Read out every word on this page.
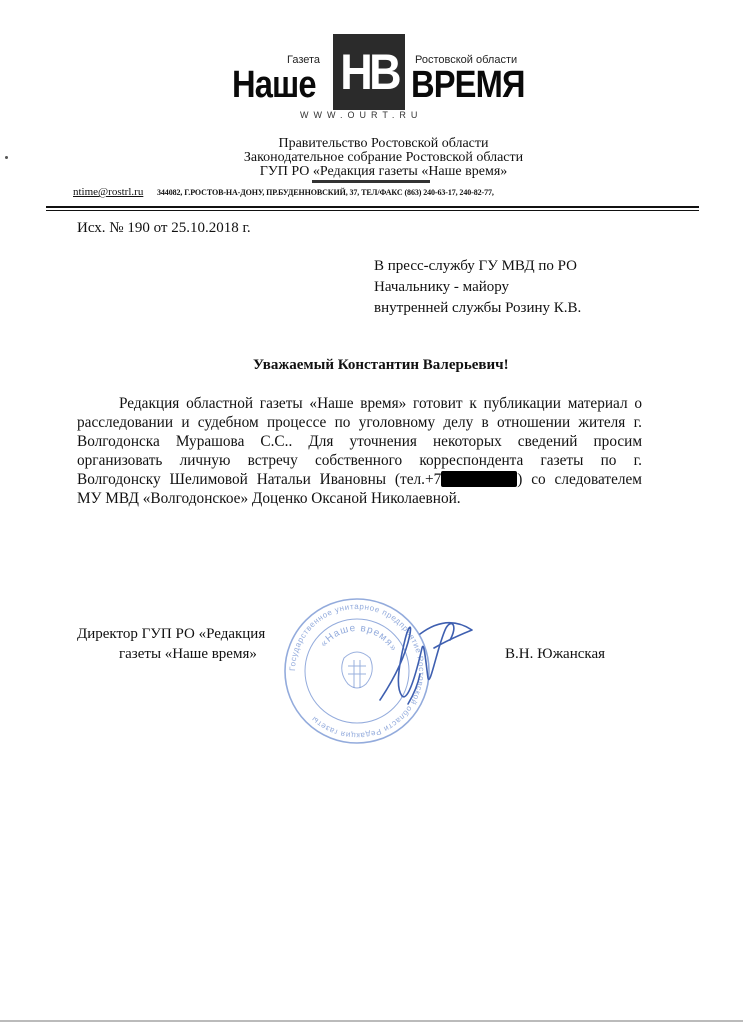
Газета	Ростовской области
Наше НВ ВРЕМЯ
WWW.OURT.RU
Правительство Ростовской области
Законодательное собрание Ростовской области
ГУП РО «Редакция газеты «Наше время»
ntime@rostrl.ru 344082, Г.РОСТОВ-НА-ДОНУ, ПР.БУДЕННОВСКИЙ, 37, ТЕЛ/ФАКС (863) 240-63-17, 240-82-77,
Исх. № 190 от 25.10.2018 г.
В пресс-службу ГУ МВД по РО
Начальнику - майору
внутренней службы Розину К.В.
Уважаемый Константин Валерьевич!
Редакция областной газеты «Наше время» готовит к публикации материал о
расследовании и судебном процессе по уголовному делу в отношении жителя г.
Волгодонска Мурашова С.С.. Для уточнения некоторых сведений просим
организовать личную встречу собственного корреспондента газеты по г.
Волгодонску Шелимовой Натальи Ивановны (тел.+7	) со следователем
МУ МВД «Волгодонское» Доценко Оксаной Николаевной.
Директор ГУП РО «Редакция
газеты «Наше время»	В.Н. Южанская
Государственное унитарное предприятие Ростовской области Редакция газеты
«Наше время»
